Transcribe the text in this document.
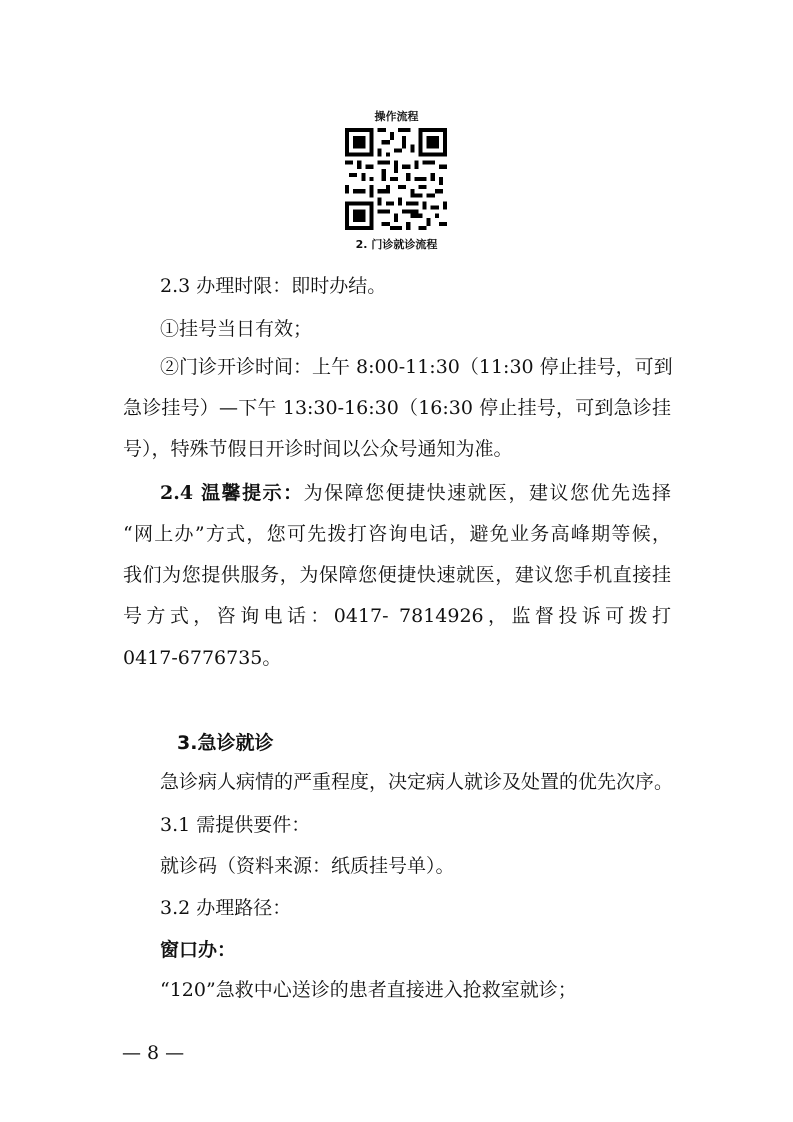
操作流程
2. 门诊就诊流程
2.3 办理时限：即时办结。
①挂号当日有效；
②门诊开诊时间：上午 8:00-11:30（11:30 停止挂号，可到
急诊挂号）—下午 13:30-16:30（16:30 停止挂号，可到急诊挂
号），特殊节假日开诊时间以公众号通知为准。
2.4 温馨提示：为保障您便捷快速就医，建议您优先选择
“网上办”方式，您可先拨打咨询电话，避免业务高峰期等候，
我们为您提供服务，为保障您便捷快速就医，建议您手机直接挂
号方式，咨询电话：0417- 7814926，监督投诉可拨打
0417-6776735。
3.急诊就诊
急诊病人病情的严重程度，决定病人就诊及处置的优先次序。
3.1 需提供要件：
就诊码（资料来源：纸质挂号单）。
3.2 办理路径：
窗口办：
“120”急救中心送诊的患者直接进入抢救室就诊；
— 8 —
